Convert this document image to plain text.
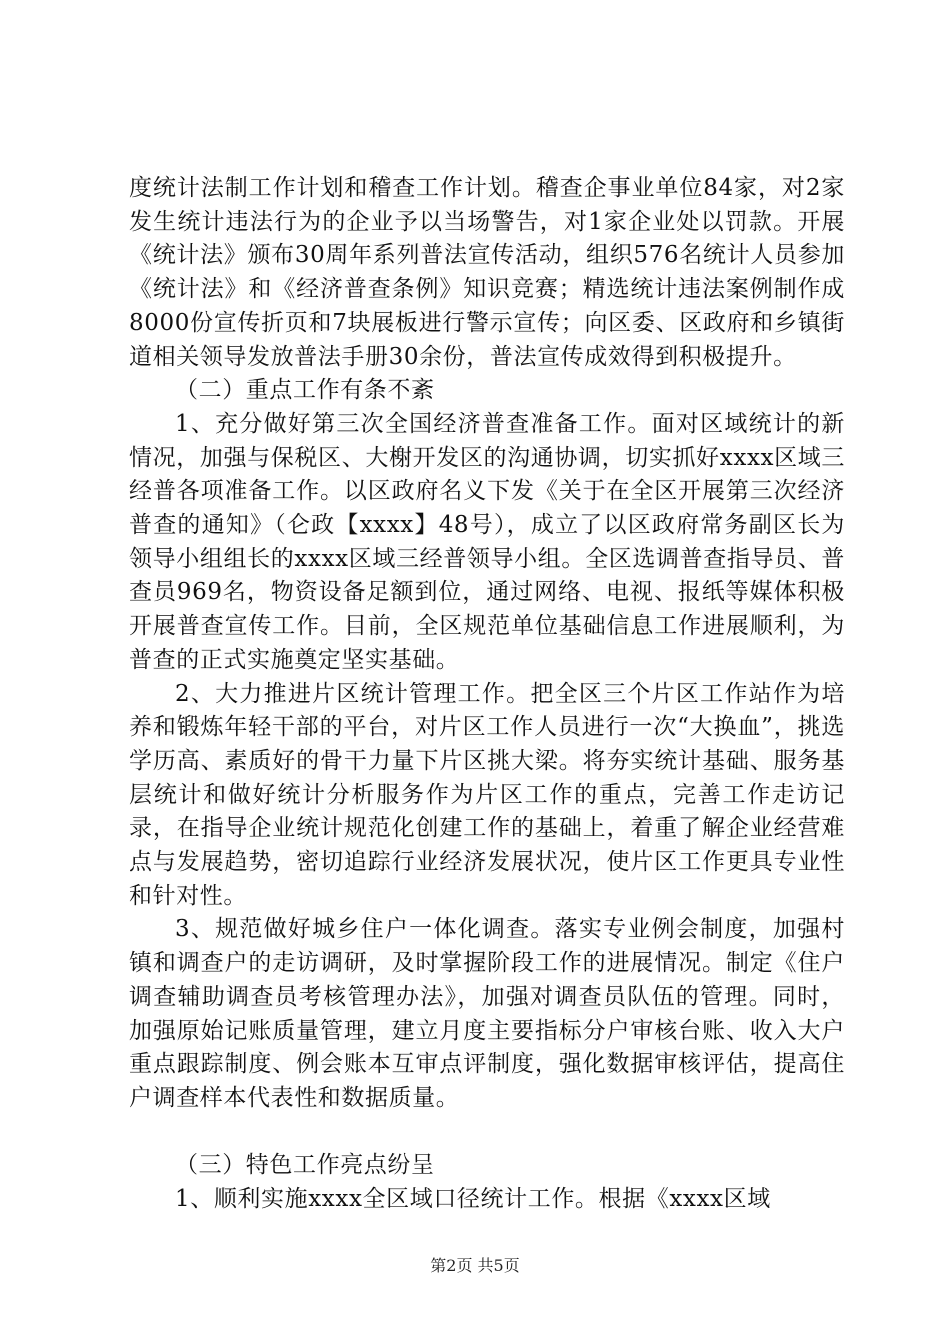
度统计法制工作计划和稽查工作计划。稽查企事业单位84家，对2家发生统计违法行为的企业予以当场警告，对1家企业处以罚款。开展《统计法》颁布30周年系列普法宣传活动，组织576名统计人员参加《统计法》和《经济普查条例》知识竞赛；精选统计违法案例制作成8000份宣传折页和7块展板进行警示宣传；向区委、区政府和乡镇街道相关领导发放普法手册30余份，普法宣传成效得到积极提升。

（二）重点工作有条不紊

1、充分做好第三次全国经济普查准备工作。面对区域统计的新情况，加强与保税区、大榭开发区的沟通协调，切实抓好xxxx区域三经普各项准备工作。以区政府名义下发《关于在全区开展第三次经济普查的通知》（仑政【xxxx】48号），成立了以区政府常务副区长为领导小组组长的xxxx区域三经普领导小组。全区选调普查指导员、普查员969名，物资设备足额到位，通过网络、电视、报纸等媒体积极开展普查宣传工作。目前，全区规范单位基础信息工作进展顺利，为普查的正式实施奠定坚实基础。

2、大力推进片区统计管理工作。把全区三个片区工作站作为培养和锻炼年轻干部的平台，对片区工作人员进行一次“大换血”，挑选学历高、素质好的骨干力量下片区挑大梁。将夯实统计基础、服务基层统计和做好统计分析服务作为片区工作的重点，完善工作走访记录，在指导企业统计规范化创建工作的基础上，着重了解企业经营难点与发展趋势，密切追踪行业经济发展状况，使片区工作更具专业性和针对性。

3、规范做好城乡住户一体化调查。落实专业例会制度，加强村镇和调查户的走访调研，及时掌握阶段工作的进展情况。制定《住户调查辅助调查员考核管理办法》，加强对调查员队伍的管理。同时，加强原始记账质量管理，建立月度主要指标分户审核台账、收入大户重点跟踪制度、例会账本互审点评制度，强化数据审核评估，提高住户调查样本代表性和数据质量。

（三）特色工作亮点纷呈

1、顺利实施xxxx全区域口径统计工作。根据《xxxx区域

第2页 共5页
